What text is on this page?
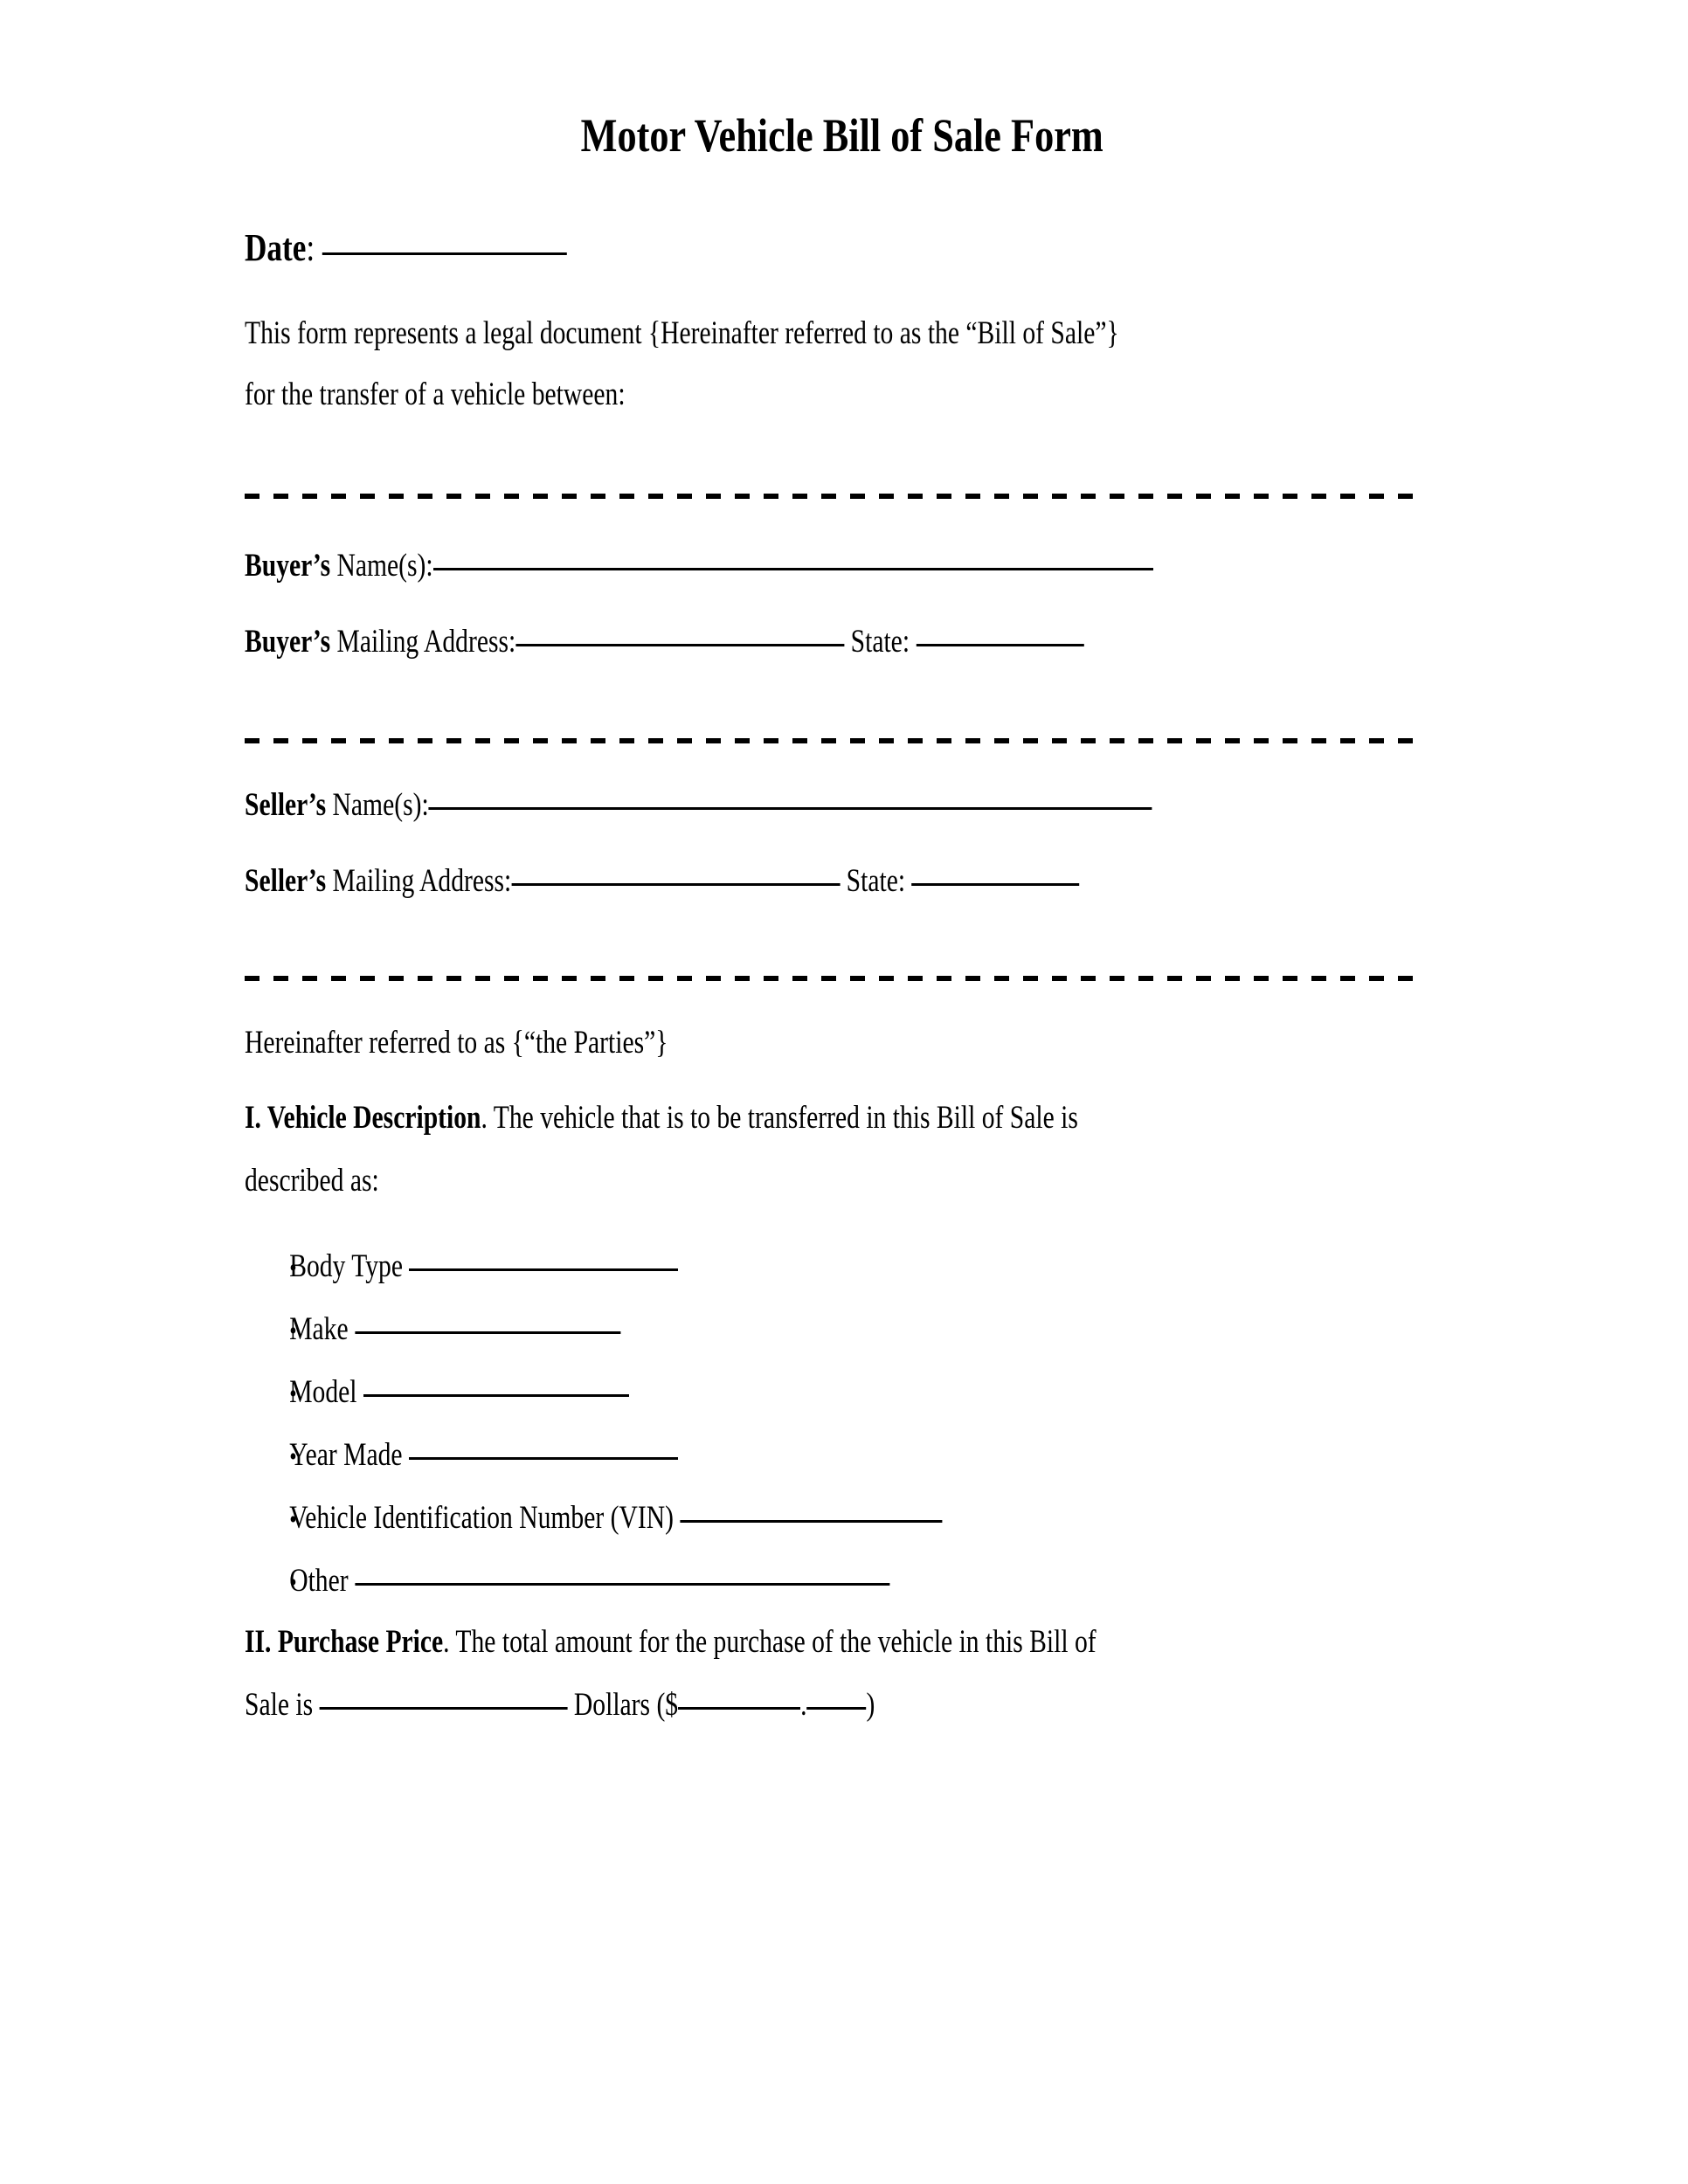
Motor Vehicle Bill of Sale Form
Date:
This form represents a legal document {Hereinafter referred to as the “Bill of Sale”}
for the transfer of a vehicle between:
Buyer’s Name(s):
Buyer’s Mailing Address:	State:
Seller’s Name(s):
Seller’s Mailing Address:	State:
Hereinafter referred to as {“the Parties”}
I. Vehicle Description. The vehicle that is to be transferred in this Bill of Sale is
described as:
•Body Type
•Make
•Model
•Year Made
•Vehicle Identification Number (VIN)
•Other
II. Purchase Price. The total amount for the purchase of the vehicle in this Bill of
Sale is	Dollars ($	. )
